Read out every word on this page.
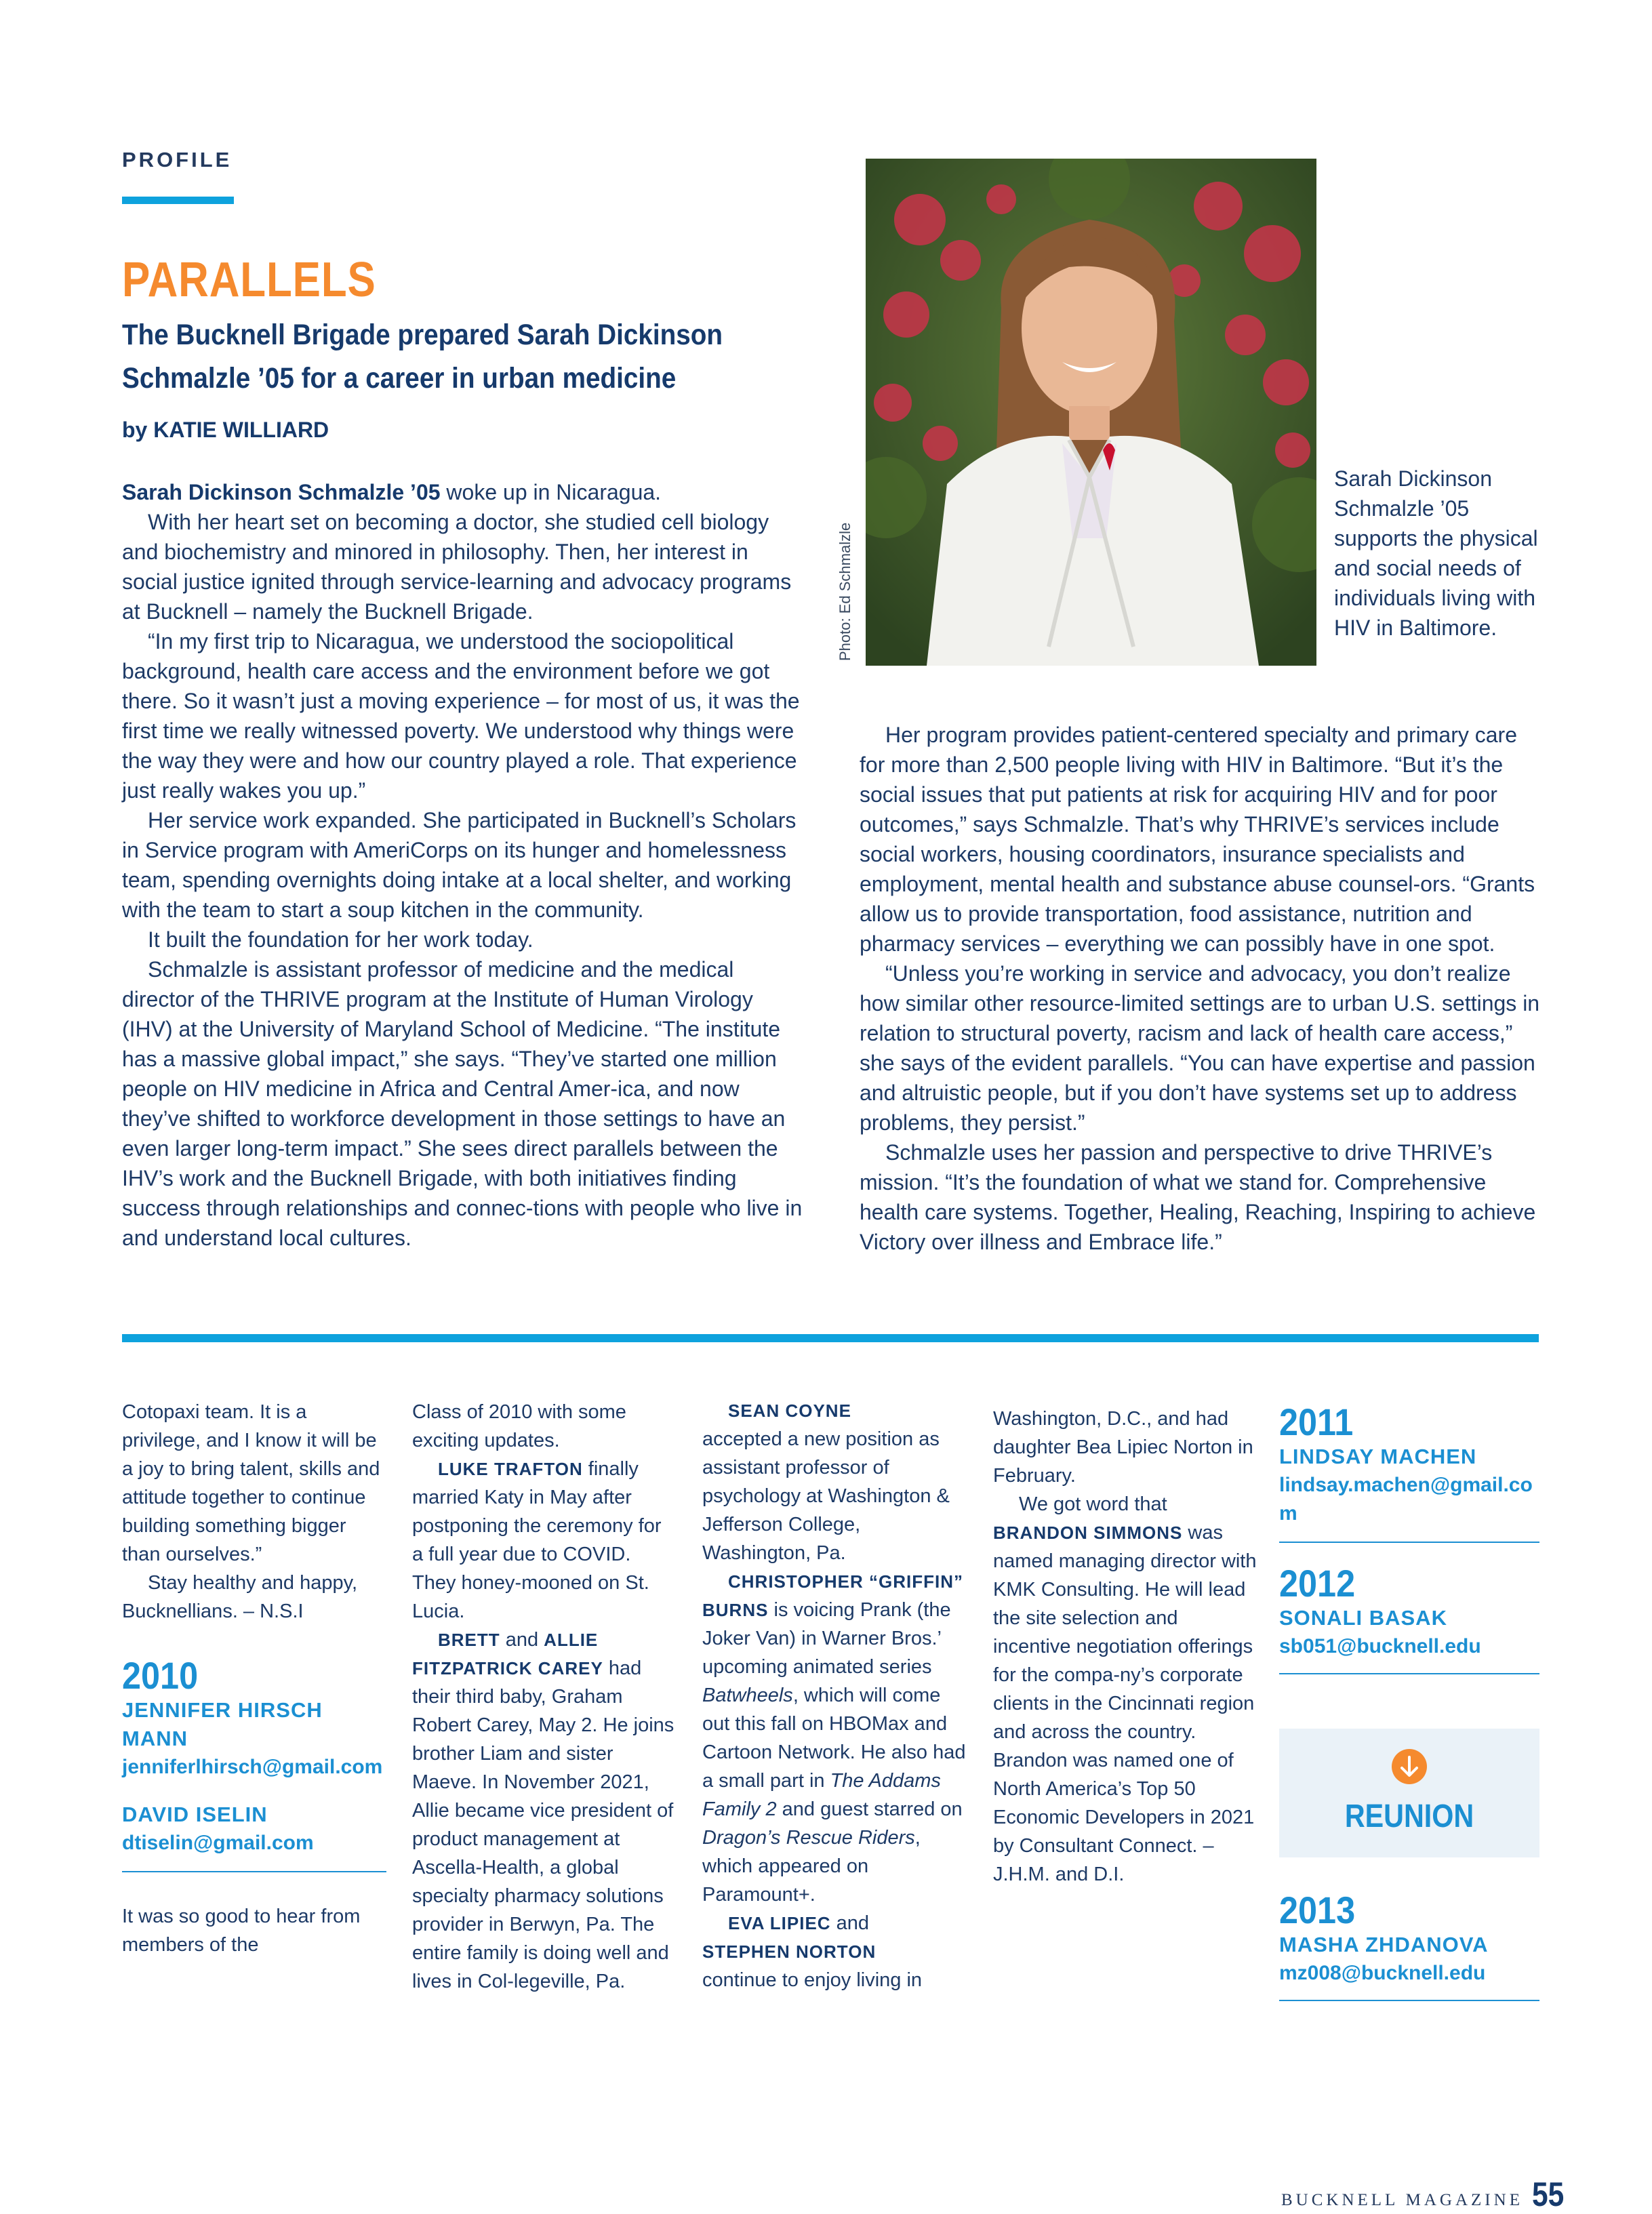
PROFILE
PARALLELS
The Bucknell Brigade prepared Sarah Dickinson Schmalzle ’05 for a career in urban medicine
by KATIE WILLIARD

Sarah Dickinson Schmalzle ’05 woke up in Nicaragua.

With her heart set on becoming a doctor, she studied cell biology and biochemistry and minored in philosophy. Then, her interest in social justice ignited through service-learning and advocacy programs at Bucknell – namely the Bucknell Brigade.

“In my first trip to Nicaragua, we understood the sociopolitical background, health care access and the environment before we got there. So it wasn’t just a moving experience – for most of us, it was the first time we really witnessed poverty. We understood why things were the way they were and how our country played a role. That experience just really wakes you up.”

Her service work expanded. She participated in Bucknell’s Scholars in Service program with AmeriCorps on its hunger and homelessness team, spending overnights doing intake at a local shelter, and working with the team to start a soup kitchen in the community.

It built the foundation for her work today.

Schmalzle is assistant professor of medicine and the medical director of the THRIVE program at the Institute of Human Virology (IHV) at the University of Maryland School of Medicine. “The institute has a massive global impact,” she says. “They’ve started one million people on HIV medicine in Africa and Central Amer-ica, and now they’ve shifted to workforce development in those settings to have an even larger long-term impact.” She sees direct parallels between the IHV’s work and the Bucknell Brigade, with both initiatives finding success through relationships and connec-tions with people who live in and understand local cultures.

Photo: Ed Schmalzle
Sarah Dickinson Schmalzle ’05 supports the physical and social needs of individuals living with HIV in Baltimore.

Her program provides patient-centered specialty and primary care for more than 2,500 people living with HIV in Baltimore. “But it’s the social issues that put patients at risk for acquiring HIV and for poor outcomes,” says Schmalzle. That’s why THRIVE’s services include social workers, housing coordinators, insurance specialists and employment, mental health and substance abuse counsel-ors. “Grants allow us to provide transportation, food assistance, nutrition and pharmacy services – everything we can possibly have in one spot.

“Unless you’re working in service and advocacy, you don’t realize how similar other resource-limited settings are to urban U.S. settings in relation to structural poverty, racism and lack of health care access,” she says of the evident parallels. “You can have expertise and passion and altruistic people, but if you don’t have systems set up to address problems, they persist.”

Schmalzle uses her passion and perspective to drive THRIVE’s mission. “It’s the foundation of what we stand for. Comprehensive health care systems. Together, Healing, Reaching, Inspiring to achieve Victory over illness and Embrace life.”

Cotopaxi team. It is a privilege, and I know it will be a joy to bring talent, skills and attitude together to continue building something bigger than ourselves.”

Stay healthy and happy, Bucknellians. – N.S.I

2010
JENNIFER HIRSCH MANN
jenniferlhirsch@gmail.com
DAVID ISELIN
dtiselin@gmail.com

It was so good to hear from members of the

Class of 2010 with some exciting updates.

LUKE TRAFTON finally married Katy in May after postponing the ceremony for a full year due to COVID. They honey-mooned on St. Lucia.

BRETT and ALLIE FITZPATRICK CAREY had their third baby, Graham Robert Carey, May 2. He joins brother Liam and sister Maeve. In November 2021, Allie became vice president of product management at Ascella-Health, a global specialty pharmacy solutions provider in Berwyn, Pa. The entire family is doing well and lives in Col-legeville, Pa.

SEAN COYNE

accepted a new position as assistant professor of psychology at Washington & Jefferson College, Washington, Pa.

CHRISTOPHER “GRIFFIN” BURNS is voicing Prank (the Joker Van) in Warner Bros.’ upcoming animated series Batwheels, which will come out this fall on HBOMax and Cartoon Network. He also had a small part in The Addams Family 2 and guest starred on Dragon’s Rescue Riders, which appeared on Paramount+.

EVA LIPIEC and

STEPHEN NORTON

continue to enjoy living in

Washington, D.C., and had daughter Bea Lipiec Norton in February.

We got word that BRANDON SIMMONS was named managing director with KMK Consulting. He will lead the site selection and incentive negotiation offerings for the compa-ny’s corporate clients in the Cincinnati region and across the country. Brandon was named one of North America’s Top 50 Economic Developers in 2021 by Consultant Connect. – J.H.M. and D.I.

2011
LINDSAY MACHEN
lindsay.machen@gmail.com
2012
SONALI BASAK
sb051@bucknell.edu
REUNION
2013
MASHA ZHDANOVA
mz008@bucknell.edu
BUCKNELL MAGAZINE 55
